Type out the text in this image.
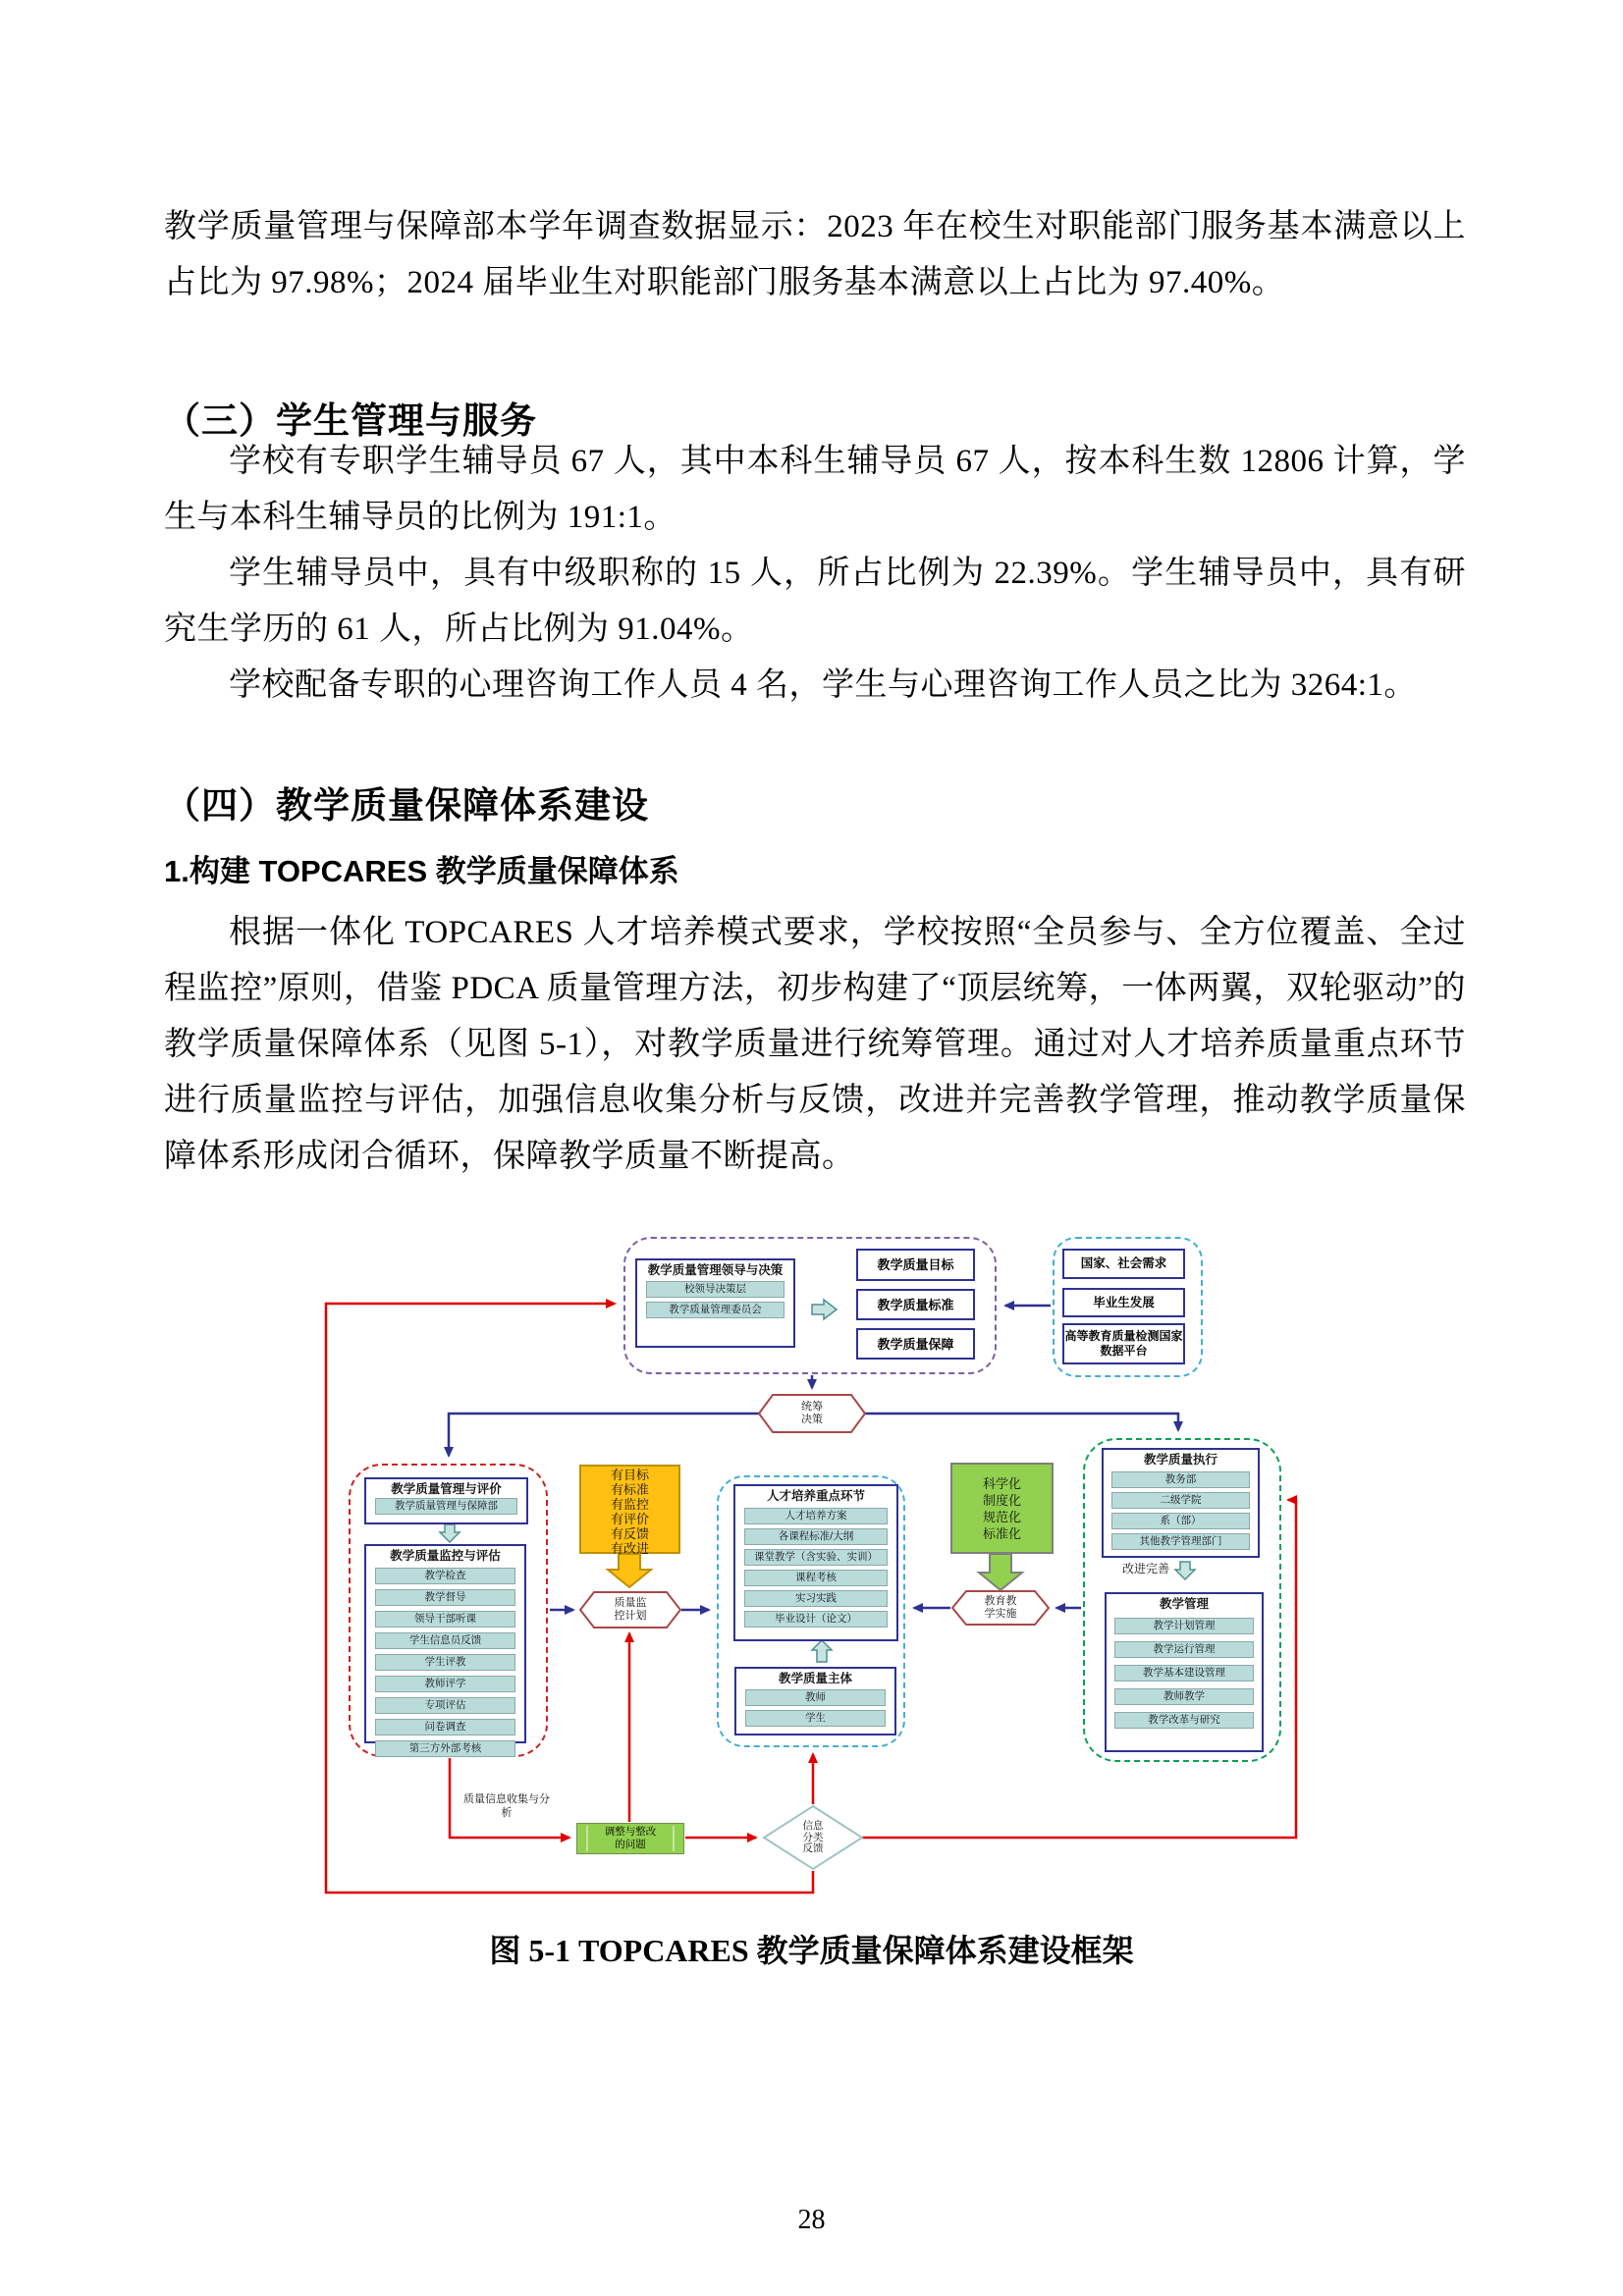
教学质量管理与保障部本学年调查数据显示：2023 年在校生对职能部门服务基本满意以上占比为 97.98%；2024 届毕业生对职能部门服务基本满意以上占比为 97.40%。
（三）学生管理与服务
学校有专职学生辅导员 67 人，其中本科生辅导员 67 人，按本科生数 12806 计算，学生与本科生辅导员的比例为 191:1。
学生辅导员中，具有中级职称的 15 人，所占比例为 22.39%。学生辅导员中，具有研究生学历的 61 人，所占比例为 91.04%。
学校配备专职的心理咨询工作人员 4 名，学生与心理咨询工作人员之比为 3264:1。
（四）教学质量保障体系建设
1.构建 TOPCARES 教学质量保障体系
根据一体化 TOPCARES 人才培养模式要求，学校按照“全员参与、全方位覆盖、全过程监控”原则，借鉴 PDCA 质量管理方法，初步构建了“顶层统筹，一体两翼，双轮驱动”的教学质量保障体系（见图 5-1），对教学质量进行统筹管理。通过对人才培养质量重点环节进行质量监控与评估，加强信息收集分析与反馈，改进并完善教学管理，推动教学质量保障体系形成闭合循环，保障教学质量不断提高。
教学质量管理领导与决策
校领导决策层
教学质量管理委员会
教学质量目标
教学质量标准
教学质量保障
国家、社会需求
毕业生发展
高等教育质量检测国家数据平台
统筹决策
质量监控计划
教育教学实施
信息分类反馈
教学质量管理与评价
教学质量管理与保障部
教学质量监控与评估
教学检查
教学督导
领导干部听课
学生信息员反馈
学生评教
教师评学
专项评估
问卷调查
第三方外部考核
有目标
有标准
有监控
有评价
有反馈
有改进
人才培养重点环节
人才培养方案
各课程标准/大纲
课堂教学（含实验、实训）
课程考核
实习实践
毕业设计（论文）
教学质量主体
教师
学生
科学化
制度化
规范化
标准化
教学质量执行
教务部
二级学院
系（部）
其他教学管理部门
改进完善
教学管理
教学计划管理
教学运行管理
教学基本建设管理
教师教学
教学改革与研究
质量信息收集与分析
调整与整改的问题
图 5-1 TOPCARES 教学质量保障体系建设框架
28
